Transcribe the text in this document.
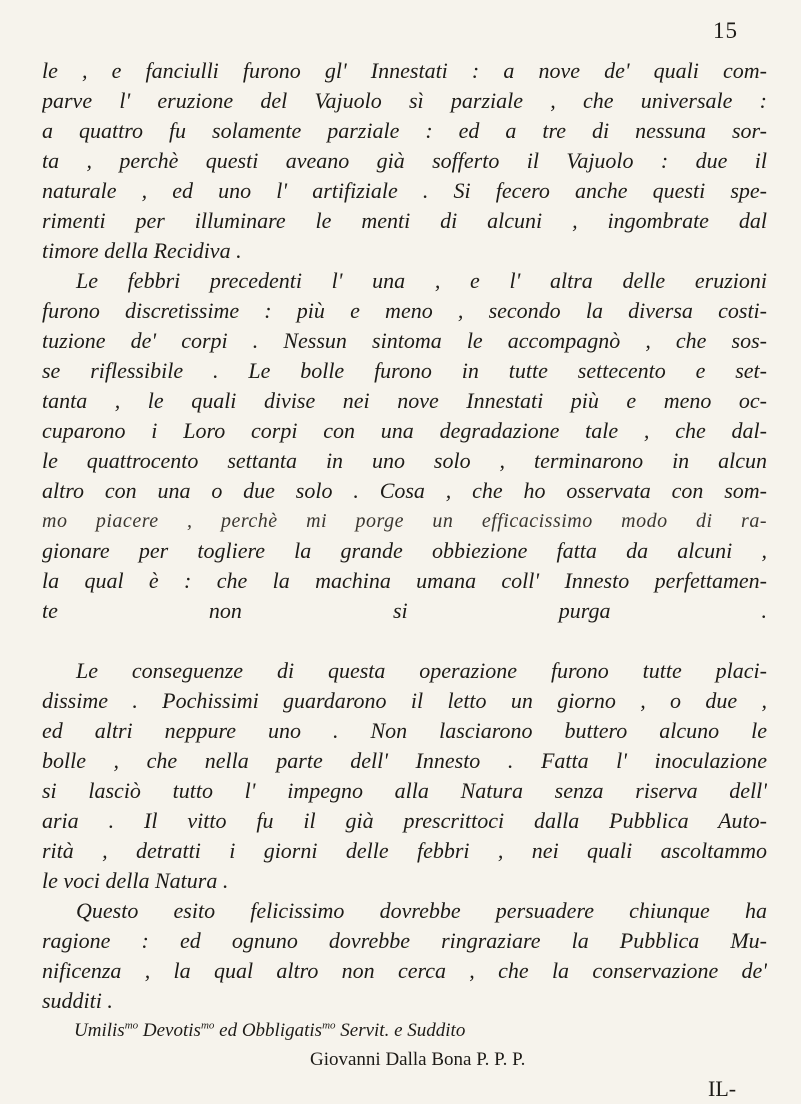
15
le , e fanciulli furono gl' Innestati : a nove de' quali com-
parve l' eruzione del Vajuolo sì parziale , che universale :
a quattro fu solamente parziale : ed a tre di nessuna sor-
ta , perchè questi aveano già sofferto il Vajuolo : due il
naturale , ed uno l' artifiziale . Si fecero anche questi spe-
rimenti per illuminare le menti di alcuni , ingombrate dal
timore della Recidiva .
Le febbri precedenti l' una , e l' altra delle eruzioni
furono discretissime : più e meno , secondo la diversa costi-
tuzione de' corpi . Nessun sintoma le accompagnò , che sos-
se riflessibile . Le bolle furono in tutte settecento e set-
tanta , le quali divise nei nove Innestati più e meno oc-
cuparono i Loro corpi con una degradazione tale , che dal-
le quattrocento settanta in uno solo , terminarono in alcun
altro con una o due solo . Cosa , che ho osservata con som-
mo piacere , perchè mi porge un efficacissimo modo di ra-
gionare per togliere la grande obbiezione fatta da alcuni ,
la qual è : che la machina umana coll' Innesto perfettamen-
te non si purga .
Le conseguenze di questa operazione furono tutte placi-
dissime . Pochissimi guardarono il letto un giorno , o due ,
ed altri neppure uno . Non lasciarono buttero alcuno le
bolle , che nella parte dell' Innesto . Fatta l' inoculazione
si lasciò tutto l' impegno alla Natura senza riserva dell'
aria . Il vitto fu il già prescrittoci dalla Pubblica Auto-
rità , detratti i giorni delle febbri , nei quali ascoltammo
le voci della Natura .
Questo esito felicissimo dovrebbe persuadere chiunque ha
ragione : ed ognuno dovrebbe ringraziare la Pubblica Mu-
nificenza , la qual altro non cerca , che la conservazione de'
sudditi .
Umilis$^{mo}$ Devotis$^{mo}$ ed Obbligatis$^{mo}$ Servit. e Suddito
Giovanni Dalla Bona P. P. P.
IL-
